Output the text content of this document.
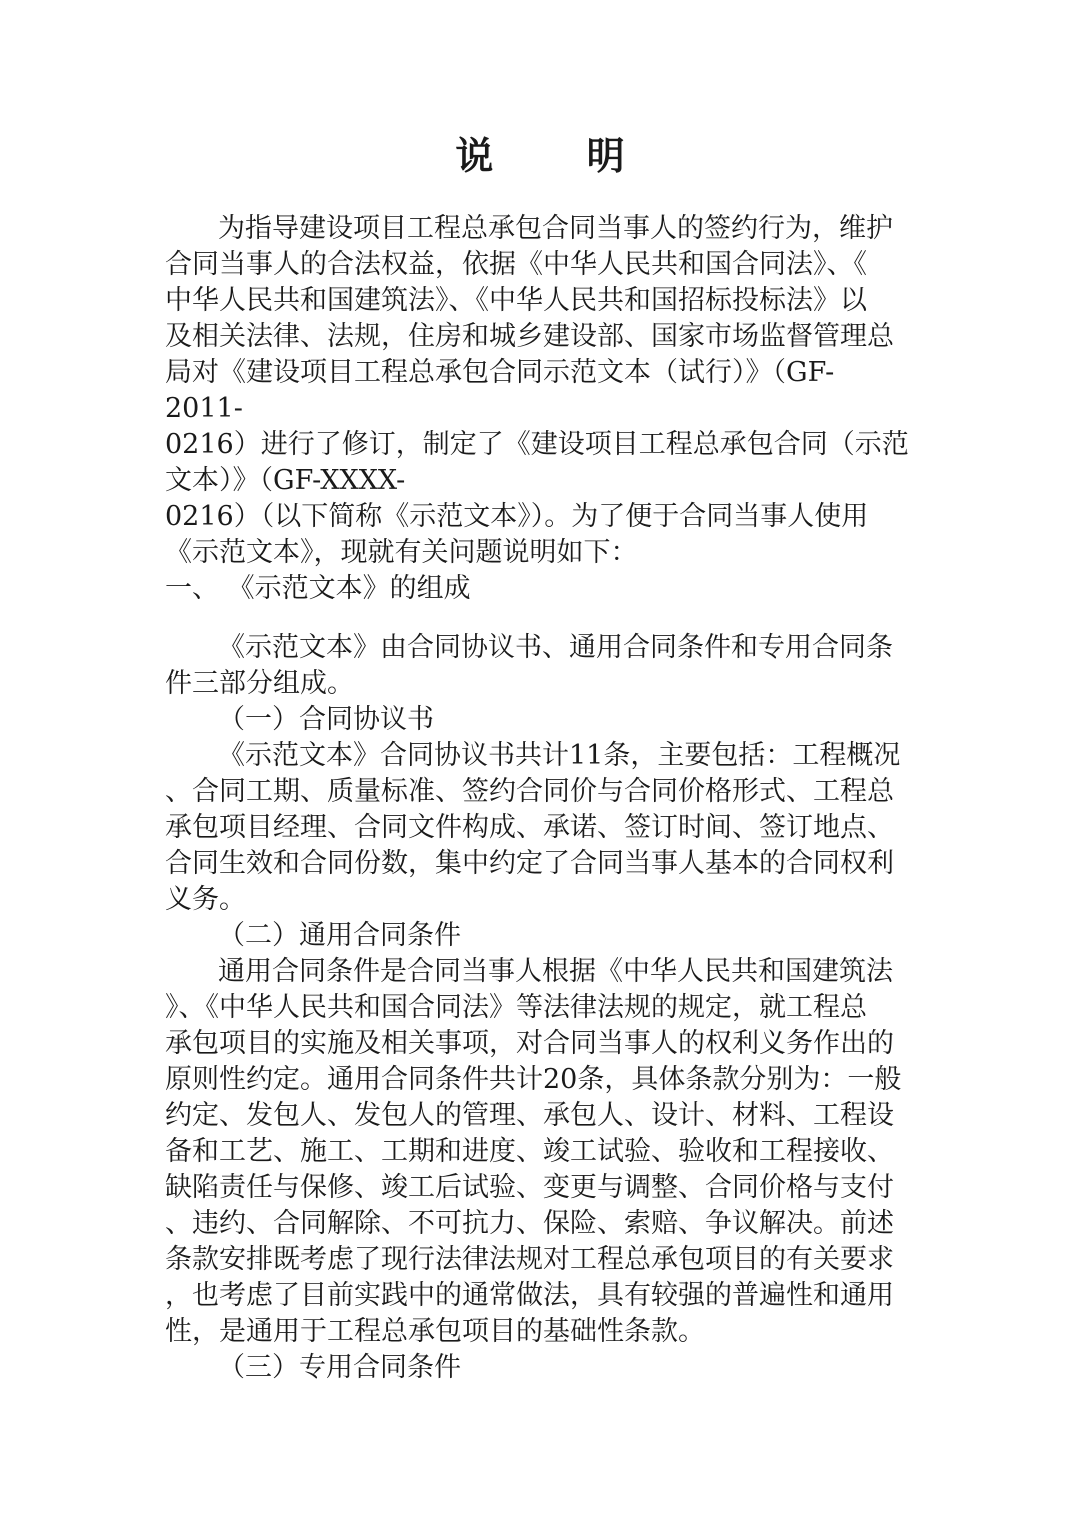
说 明

为指导建设项目工程总承包合同当事人的签约行为，维护

合同当事人的合法权益，依据《中华人民共和国合同法》、《

中华人民共和国建筑法》、《中华人民共和国招标投标法》以

及相关法律、法规，住房和城乡建设部、国家市场监督管理总

局对《建设项目工程总承包合同示范文本（试行）》（GF-

2011-

0216）进行了修订，制定了《建设项目工程总承包合同（示范

文本）》（GF-XXXX-

0216）（以下简称《示范文本》）。为了便于合同当事人使用

《示范文本》，现就有关问题说明如下：

一、 《示范文本》的组成

《示范文本》由合同协议书、通用合同条件和专用合同条

件三部分组成。

（一）合同协议书

《示范文本》合同协议书共计11条，主要包括：工程概况

、合同工期、质量标准、签约合同价与合同价格形式、工程总

承包项目经理、合同文件构成、承诺、签订时间、签订地点、

合同生效和合同份数，集中约定了合同当事人基本的合同权利

义务。

（二）通用合同条件

通用合同条件是合同当事人根据《中华人民共和国建筑法

》、《中华人民共和国合同法》等法律法规的规定，就工程总

承包项目的实施及相关事项，对合同当事人的权利义务作出的

原则性约定。通用合同条件共计20条，具体条款分别为：一般

约定、发包人、发包人的管理、承包人、设计、材料、工程设

备和工艺、施工、工期和进度、竣工试验、验收和工程接收、

缺陷责任与保修、竣工后试验、变更与调整、合同价格与支付

、违约、合同解除、不可抗力、保险、索赔、争议解决。前述

条款安排既考虑了现行法律法规对工程总承包项目的有关要求

，也考虑了目前实践中的通常做法，具有较强的普遍性和通用

性，是通用于工程总承包项目的基础性条款。

（三）专用合同条件
